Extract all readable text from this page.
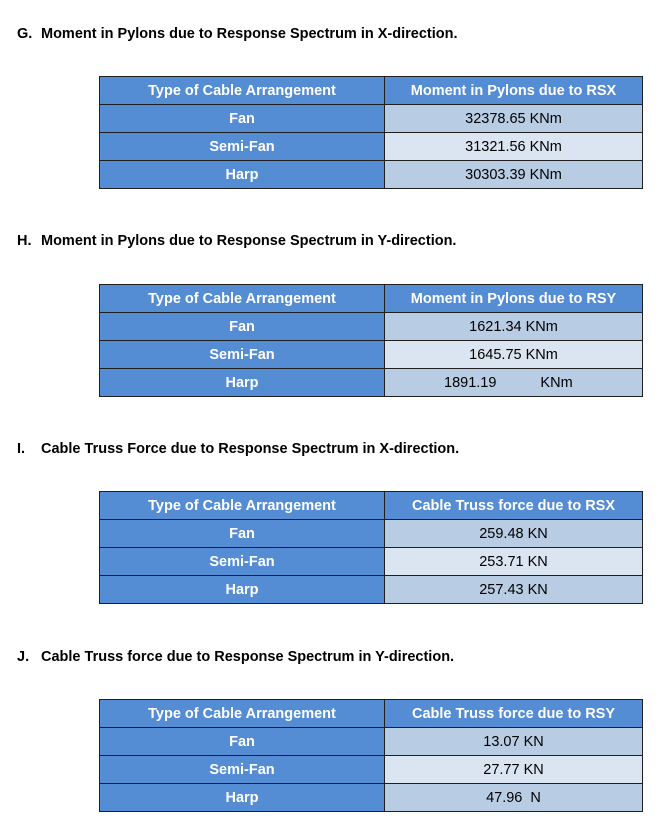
G. Moment in Pylons due to Response Spectrum in X-direction.
Type of Cable Arrangement	Moment in Pylons due to RSX
Fan	32378.65 KNm
Semi-Fan	31321.56 KNm
Harp	30303.39 KNm
H. Moment in Pylons due to Response Spectrum in Y-direction.
Type of Cable Arrangement	Moment in Pylons due to RSY
Fan	1621.34 KNm
Semi-Fan	1645.75 KNm
Harp	1891.19 KNm
I. Cable Truss Force due to Response Spectrum in X-direction.
Type of Cable Arrangement	Cable Truss force due to RSX
Fan	259.48 KN
Semi-Fan	253.71 KN
Harp	257.43 KN
J. Cable Truss force due to Response Spectrum in Y-direction.
Type of Cable Arrangement	Cable Truss force due to RSY
Fan	13.07 KN
Semi-Fan	27.77 KN
Harp	47.96  N
